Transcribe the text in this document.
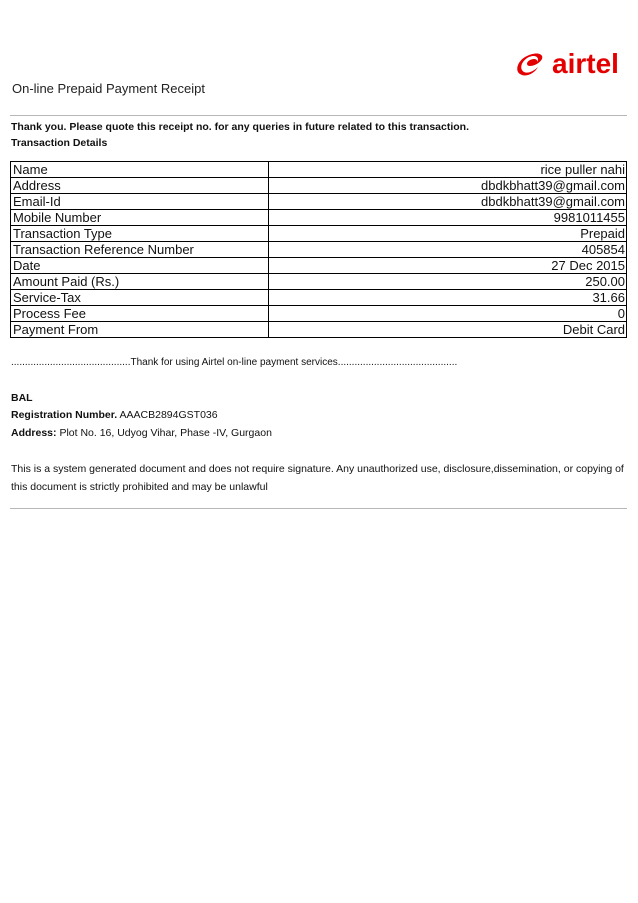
airtel
On-line Prepaid Payment Receipt
Thank you. Please quote this receipt no. for any queries in future related to this transaction.
Transaction Details
Name	rice puller nahi
Address	dbdkbhatt39@gmail.com
Email-Id	dbdkbhatt39@gmail.com
Mobile Number	9981011455
Transaction Type	Prepaid
Transaction Reference Number	405854
Date	27 Dec 2015
Amount Paid (Rs.)	250.00
Service-Tax	31.66
Process Fee	0
Payment From	Debit Card
...........................................Thank for using Airtel on-line payment services...........................................
BAL
Registration Number. AAACB2894GST036
Address: Plot No. 16, Udyog Vihar, Phase -IV, Gurgaon
This is a system generated document and does not require signature. Any unauthorized use, disclosure,dissemination, or copying of this document is strictly prohibited and may be unlawful
